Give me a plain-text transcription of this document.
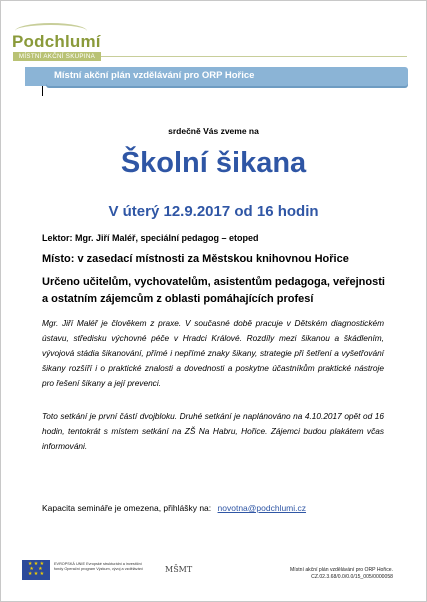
Podchlumí
MÍSTNÍ AKČNÍ SKUPINA
Místní akční plán vzdělávání pro ORP Hořice
srdečně Vás zveme na
Školní šikana
V úterý 12.9.2017 od 16 hodin
Lektor: Mgr. Jiří Maléř, speciální pedagog – etoped
Místo: v zasedací místnosti za Městskou knihovnou Hořice
Určeno učitelům, vychovatelům, asistentům pedagoga, veřejnosti a ostatním zájemcům z oblasti pomáhajících profesí
Mgr. Jiří Maléř je člověkem z praxe. V současné době pracuje v Dětském diagnostickém ústavu, středisku výchovné péče v Hradci Králové. Rozdíly mezi šikanou a škádlením, vývojová stádia šikanování, přímé i nepřímé znaky šikany, strategie při šetření a vyšetřování šikany rozšíří i o praktické znalosti a dovednosti a poskytne účastníkům praktické nástroje pro řešení šikany a její prevenci.
Toto setkání je první částí dvojbloku. Druhé setkání je naplánováno na 4.10.2017 opět od 16 hodin, tentokrát s místem setkání na ZŠ Na Habru, Hořice. Zájemci budou plakátem včas informováni.
Kapacita semináře je omezena, přihlášky na: novotna@podchlumi.cz
★ ★ ★
★   ★
★ ★ ★
EVROPSKÁ UNIE Evropské strukturální a investiční fondy Operační program Výzkum, vývoj a vzdělávání	MŠMT	Místní akční plán vzdělávání pro ORP Hořice.
CZ.02.3.68/0.0/0.0/15_005/0000058
